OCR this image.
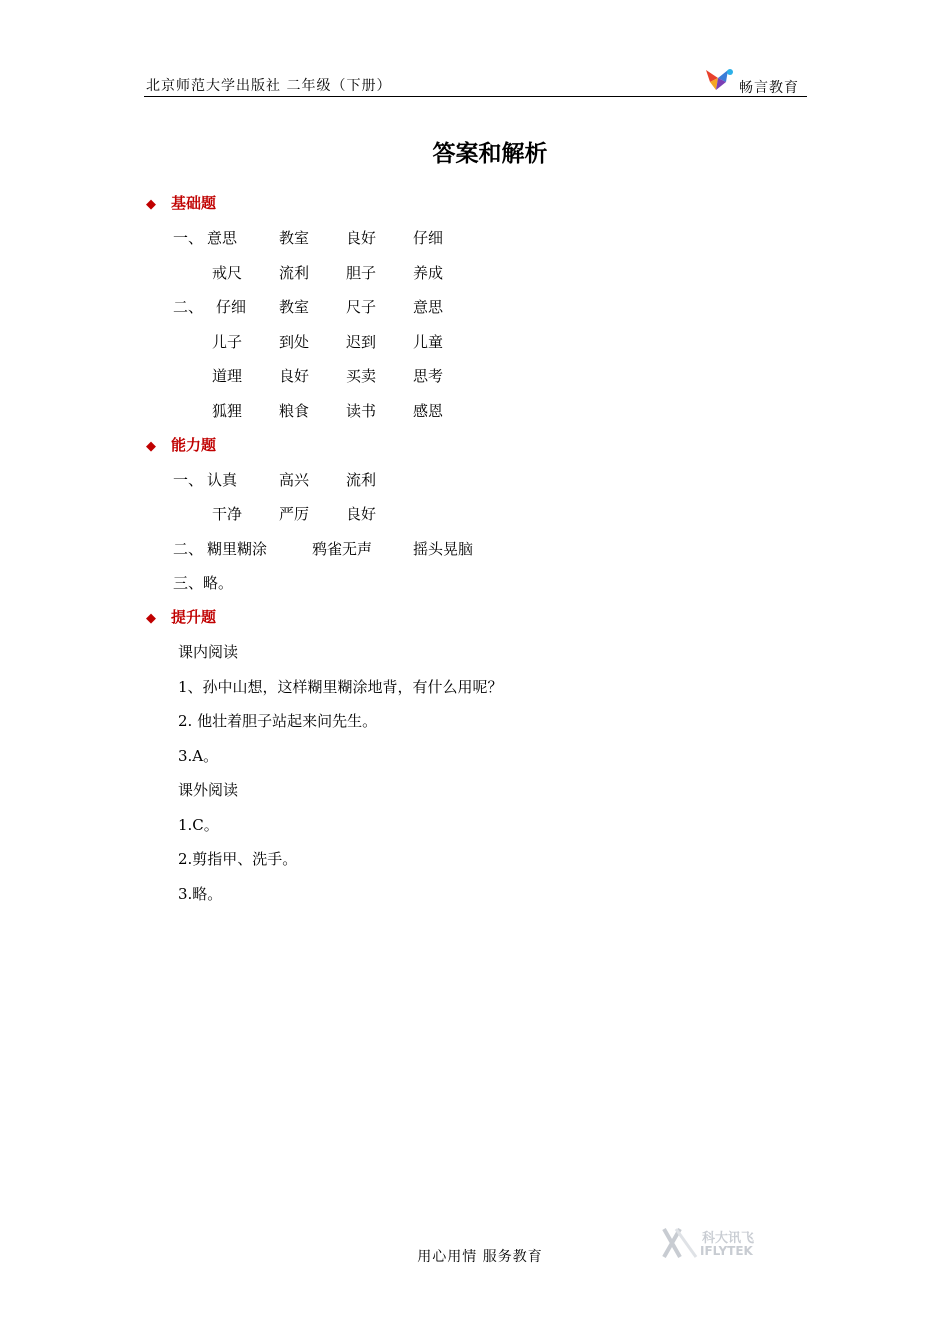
北京师范大学出版社 二年级（下册）	畅言教育
答案和解析
◆ 基础题
一、 意思	教室 良好 仔细
戒尺 流利 胆子 养成
二、 仔细 教室 尺子 意思
儿子 到处 迟到 儿童
道理 良好 买卖 思考
狐狸 粮食 读书 感恩
◆ 能力题
一、 认真	高兴 流利
干净 严厉 良好
二、 糊里糊涂	鸦雀无声	摇头晃脑
三、略。
◆ 提升题
课内阅读
1、孙中山想，这样糊里糊涂地背，有什么用呢？
2. 他壮着胆子站起来问先生。
3.A。
课外阅读
1.C。
2.剪指甲、洗手。
3.略。
用心用情 服务教育
科大讯飞
IFLYTEK
